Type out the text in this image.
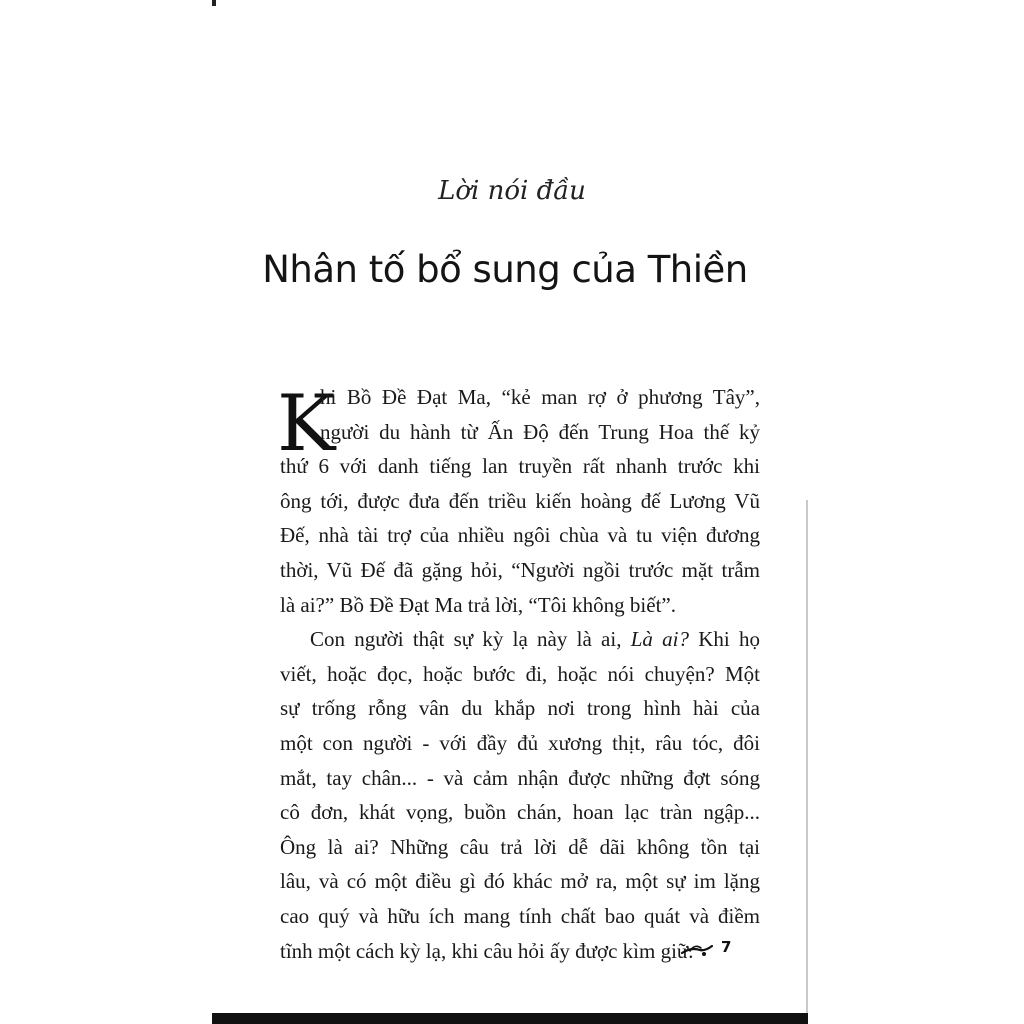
Lời nói đầu
Nhân tố bổ sung của Thiền
K
hi Bồ Đề Đạt Ma, “kẻ man rợ ở phương Tây”,
người du hành từ Ấn Độ đến Trung Hoa thế kỷ
thứ 6 với danh tiếng lan truyền rất nhanh trước khi
ông tới, được đưa đến triều kiến hoàng đế Lương Vũ
Đế, nhà tài trợ của nhiều ngôi chùa và tu viện đương
thời, Vũ Đế đã gặng hỏi, “Người ngồi trước mặt trẫm
là ai?” Bồ Đề Đạt Ma trả lời, “Tôi không biết”.
Con người thật sự kỳ lạ này là ai, Là ai? Khi họ
viết, hoặc đọc, hoặc bước đi, hoặc nói chuyện? Một
sự trống rỗng vân du khắp nơi trong hình hài của
một con người - với đầy đủ xương thịt, râu tóc, đôi
mắt, tay chân... - và cảm nhận được những đợt sóng
cô đơn, khát vọng, buồn chán, hoan lạc tràn ngập...
Ông là ai? Những câu trả lời dễ dãi không tồn tại
lâu, và có một điều gì đó khác mở ra, một sự im lặng
cao quý và hữu ích mang tính chất bao quát và điềm
tĩnh một cách kỳ lạ, khi câu hỏi ấy được kìm giữ.	7
